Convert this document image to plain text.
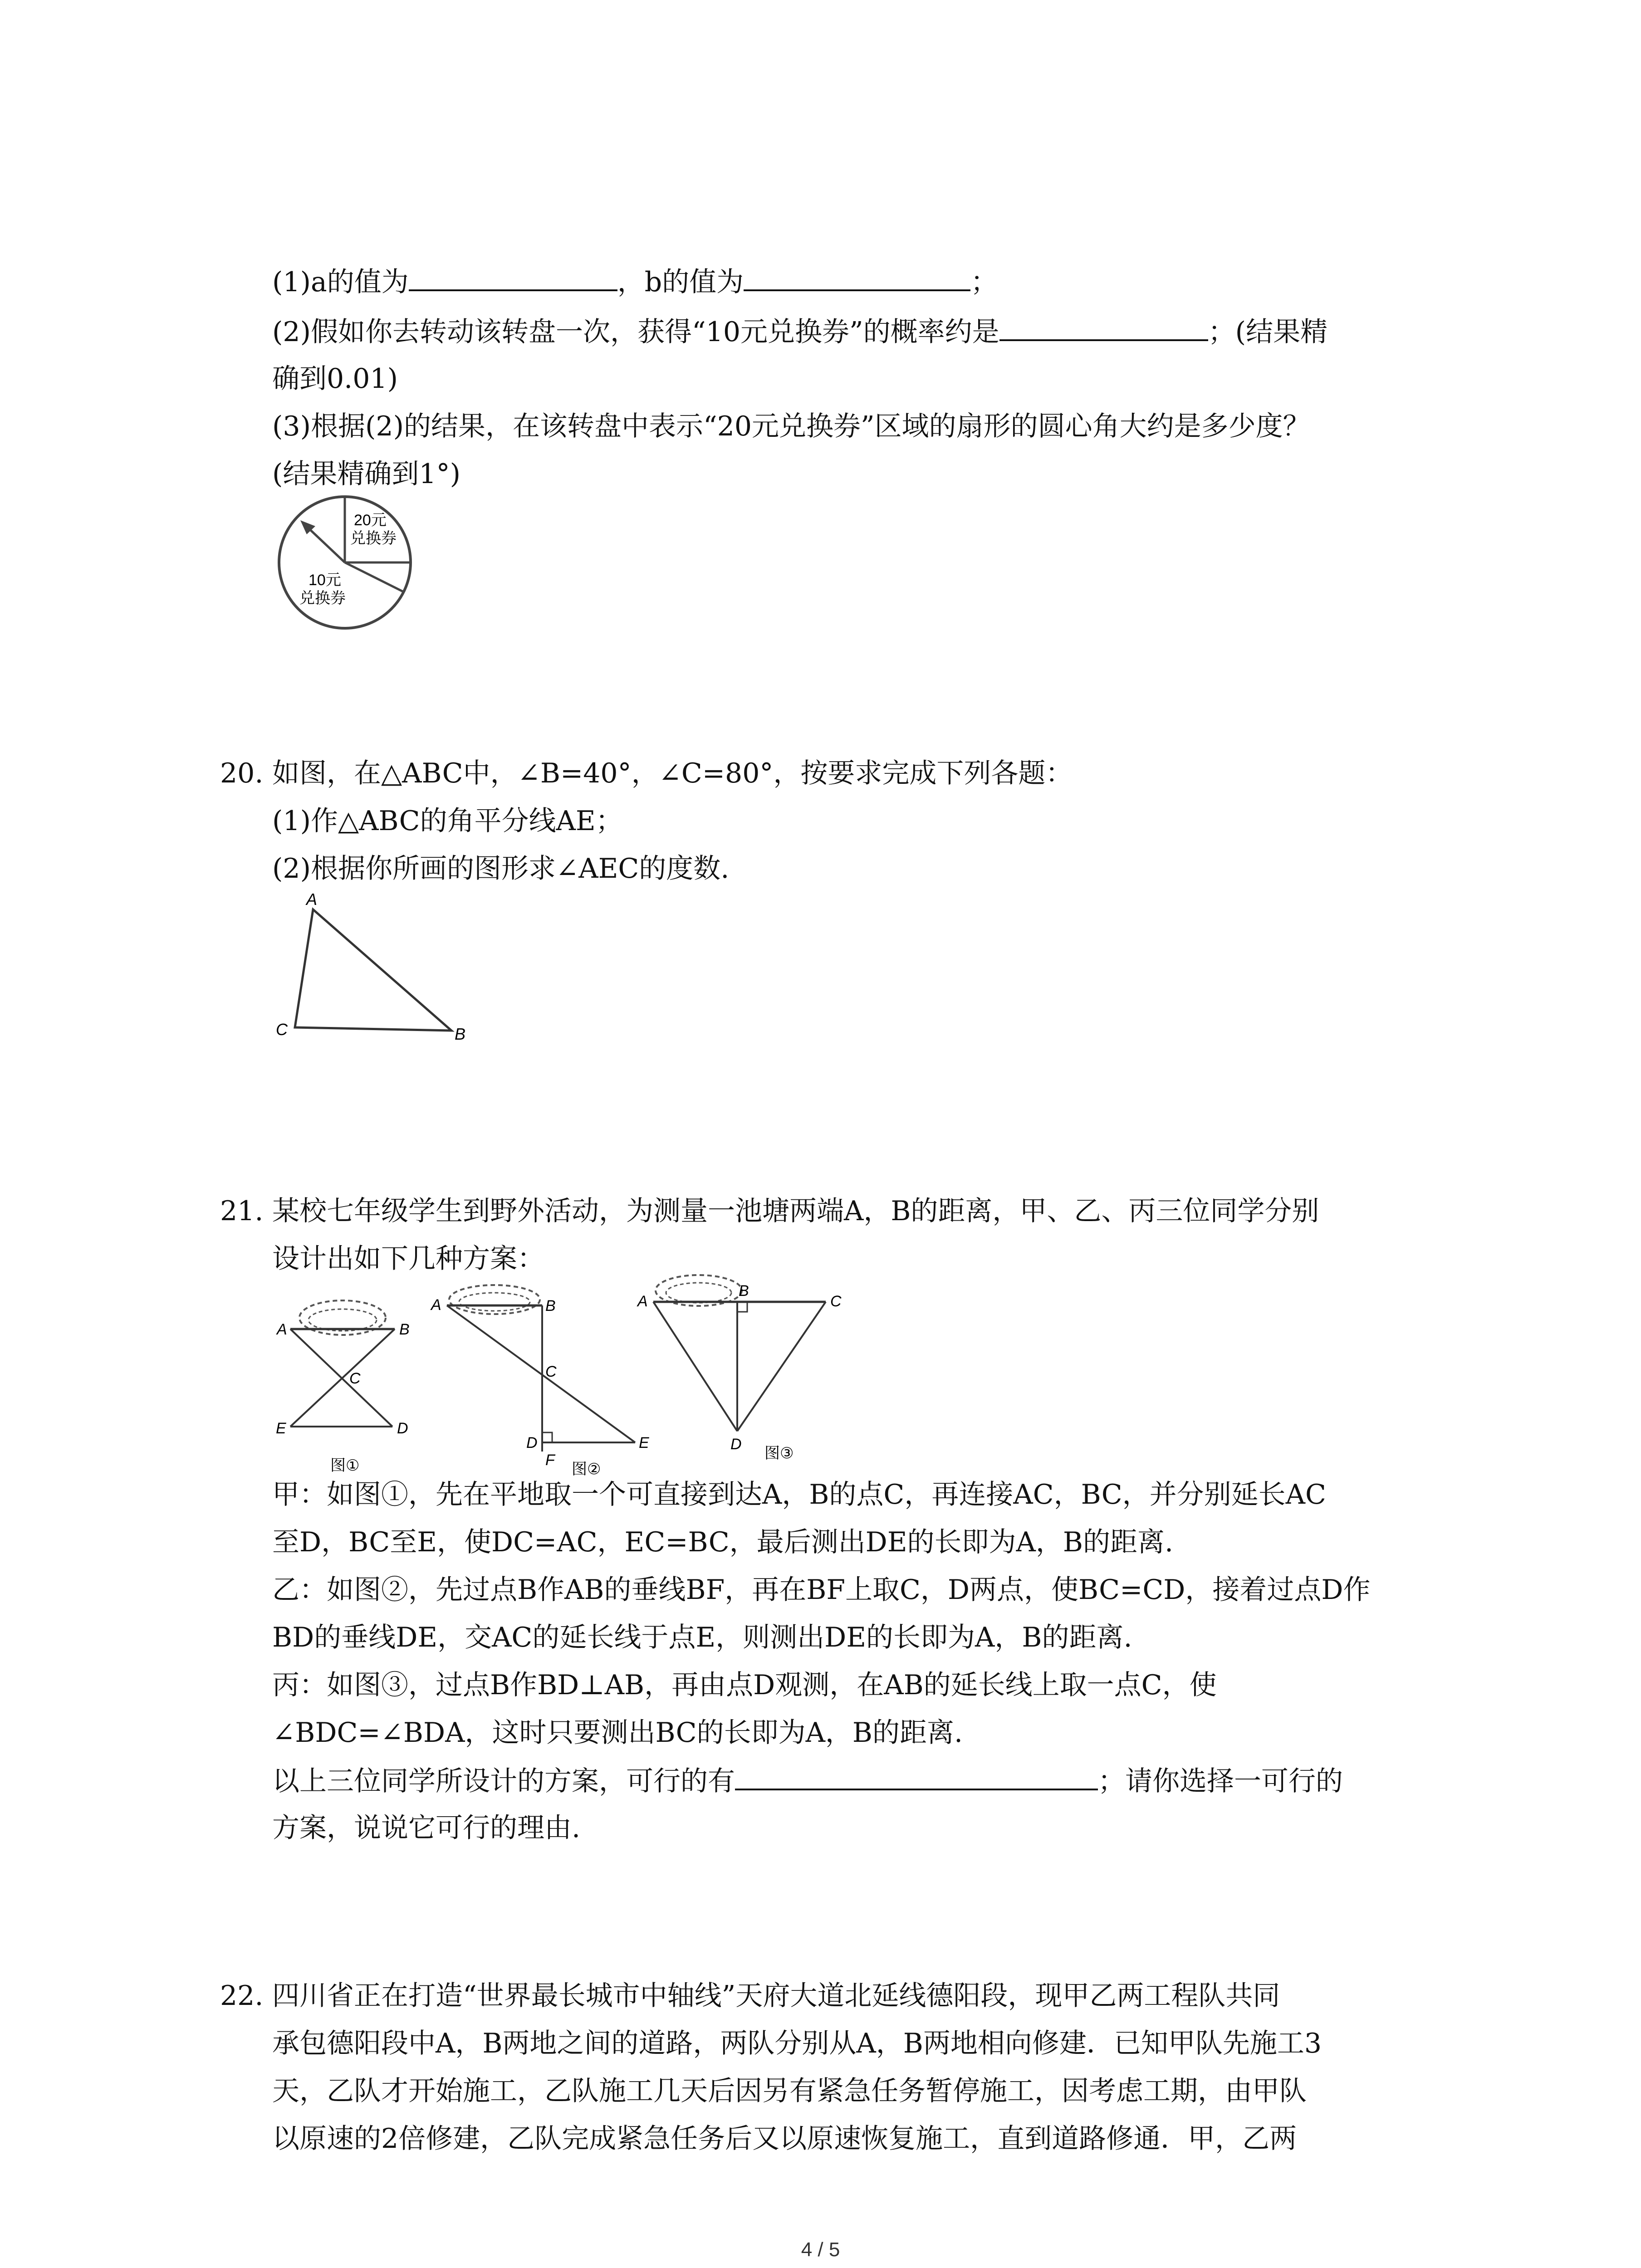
(1)a的值为	，b的值为	；
(2)假如你去转动该转盘一次，获得“10元兑换券”的概率约是	；(结果精
确到0.01)
(3)根据(2)的结果，在该转盘中表示“20元兑换券”区域的扇形的圆心角大约是多少度？
(结果精确到1°)
20元
兑换券
10元
兑换券
20. 如图，在△ABC中，∠B=40°，∠C=80°，按要求完成下列各题：
(1)作△ABC的角平分线AE；
(2)根据你所画的图形求∠AEC的度数.
A
C	B
21. 某校七年级学生到野外活动，为测量一池塘两端A，B的距离，甲、乙、丙三位同学分别
设计出如下几种方案：
A	B
C
E	D
图①
A	B
C
D
F
E
图②
A
B
C
D
图③
甲：如图①，先在平地取一个可直接到达A，B的点C，再连接AC，BC，并分别延长AC
至D，BC至E，使DC=AC，EC=BC，最后测出DE的长即为A，B的距离.
乙：如图②，先过点B作AB的垂线BF，再在BF上取C，D两点，使BC=CD，接着过点D作
BD的垂线DE，交AC的延长线于点E，则测出DE的长即为A，B的距离.
丙：如图③，过点B作BD⊥AB，再由点D观测，在AB的延长线上取一点C，使
∠BDC=∠BDA，这时只要测出BC的长即为A，B的距离.
以上三位同学所设计的方案，可行的有	；请你选择一可行的
方案，说说它可行的理由.
22. 四川省正在打造“世界最长城市中轴线”天府大道北延线德阳段，现甲乙两工程队共同
承包德阳段中A，B两地之间的道路，两队分别从A，B两地相向修建．已知甲队先施工3
天，乙队才开始施工，乙队施工几天后因另有紧急任务暂停施工，因考虑工期，由甲队
以原速的2倍修建，乙队完成紧急任务后又以原速恢复施工，直到道路修通．甲，乙两
4 / 5
